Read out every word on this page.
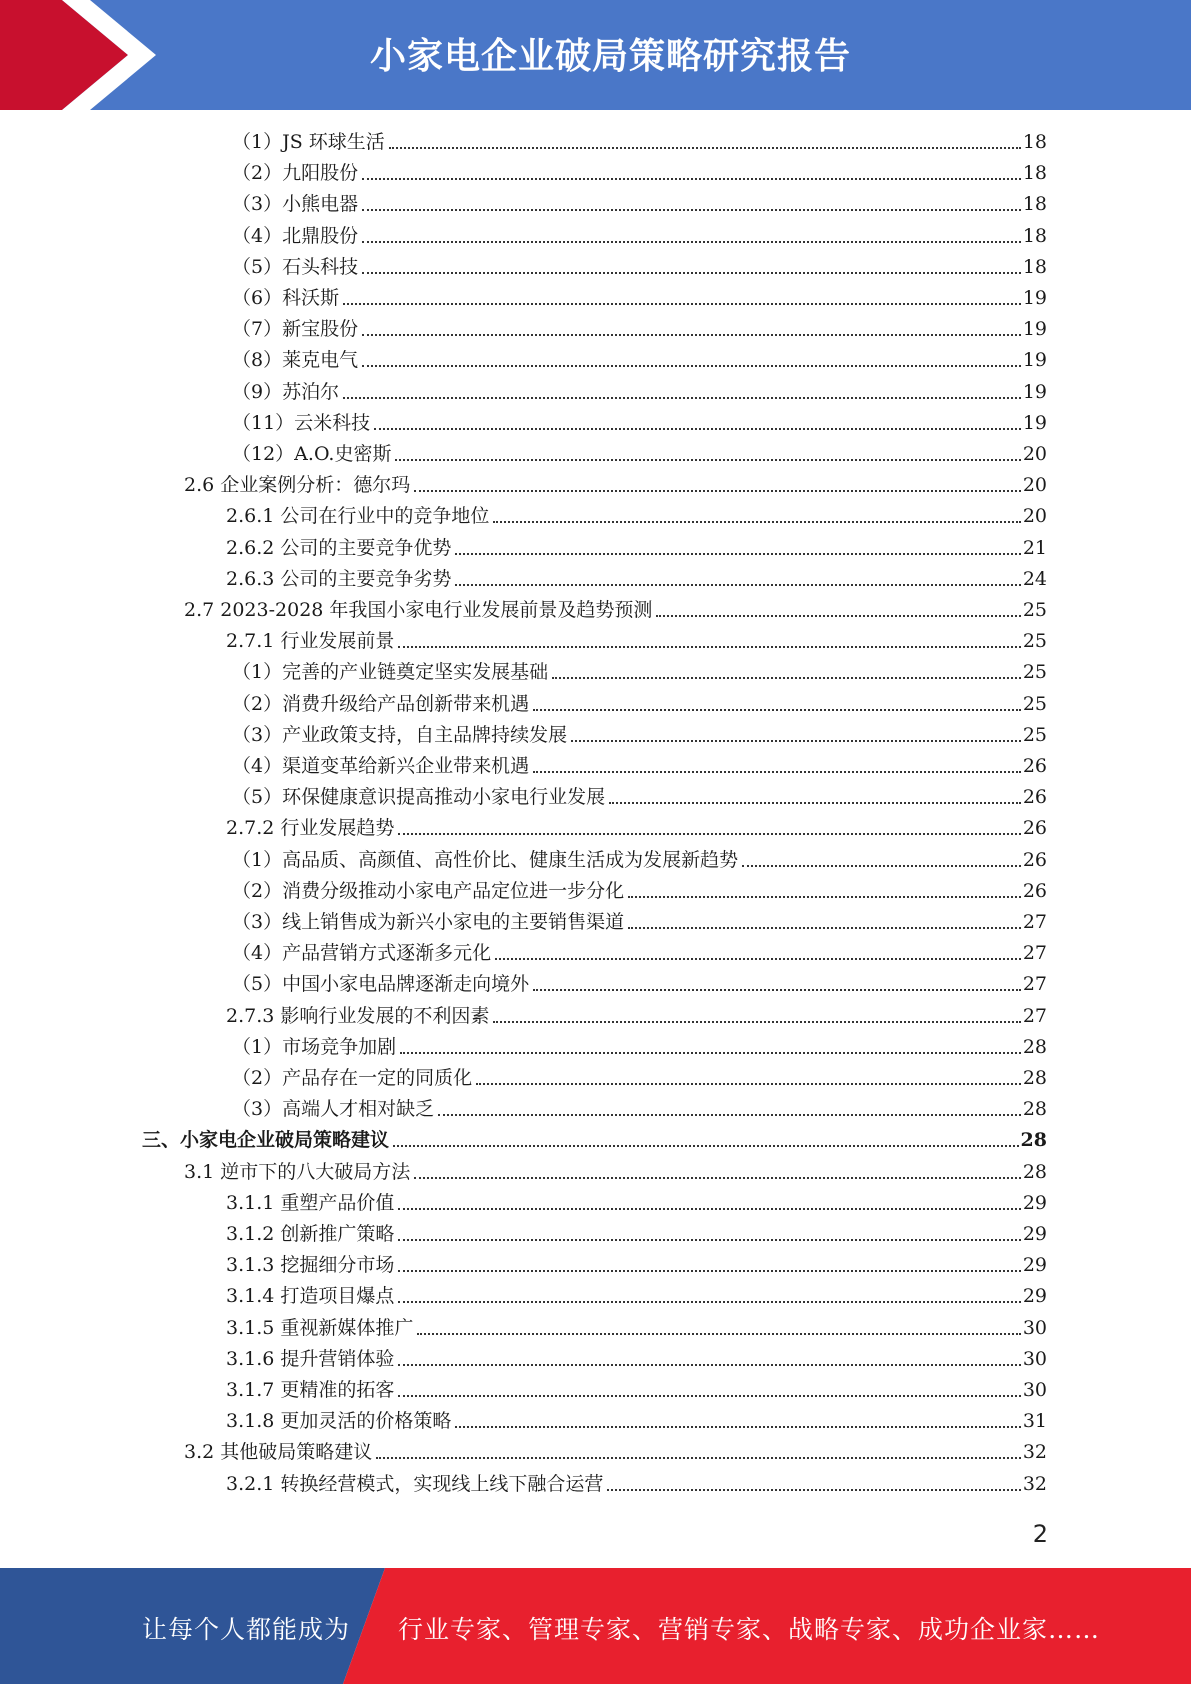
小家电企业破局策略研究报告
（1）JS 环球生活	18
（2）九阳股份	18
（3）小熊电器	18
（4）北鼎股份	18
（5）石头科技	18
（6）科沃斯	19
（7）新宝股份	19
（8）莱克电气	19
（9）苏泊尔	19
（11）云米科技	19
（12）A.O.史密斯	20
2.6 企业案例分析：德尔玛	20
2.6.1 公司在行业中的竞争地位	20
2.6.2 公司的主要竞争优势	21
2.6.3 公司的主要竞争劣势	24
2.7 2023-2028 年我国小家电行业发展前景及趋势预测	25
2.7.1 行业发展前景	25
（1）完善的产业链奠定坚实发展基础	25
（2）消费升级给产品创新带来机遇	25
（3）产业政策支持，自主品牌持续发展	25
（4）渠道变革给新兴企业带来机遇	26
（5）环保健康意识提高推动小家电行业发展	26
2.7.2 行业发展趋势	26
（1）高品质、高颜值、高性价比、健康生活成为发展新趋势	26
（2）消费分级推动小家电产品定位进一步分化	26
（3）线上销售成为新兴小家电的主要销售渠道	27
（4）产品营销方式逐渐多元化	27
（5）中国小家电品牌逐渐走向境外	27
2.7.3 影响行业发展的不利因素	27
（1）市场竞争加剧	28
（2）产品存在一定的同质化	28
（3）高端人才相对缺乏	28
三、小家电企业破局策略建议	28
3.1 逆市下的八大破局方法	28
3.1.1 重塑产品价值	29
3.1.2 创新推广策略	29
3.1.3 挖掘细分市场	29
3.1.4 打造项目爆点	29
3.1.5 重视新媒体推广	30
3.1.6 提升营销体验	30
3.1.7 更精准的拓客	30
3.1.8 更加灵活的价格策略	31
3.2 其他破局策略建议	32
3.2.1 转换经营模式，实现线上线下融合运营	32
2
让每个人都能成为 行业专家、管理专家、营销专家、战略专家、成功企业家……
